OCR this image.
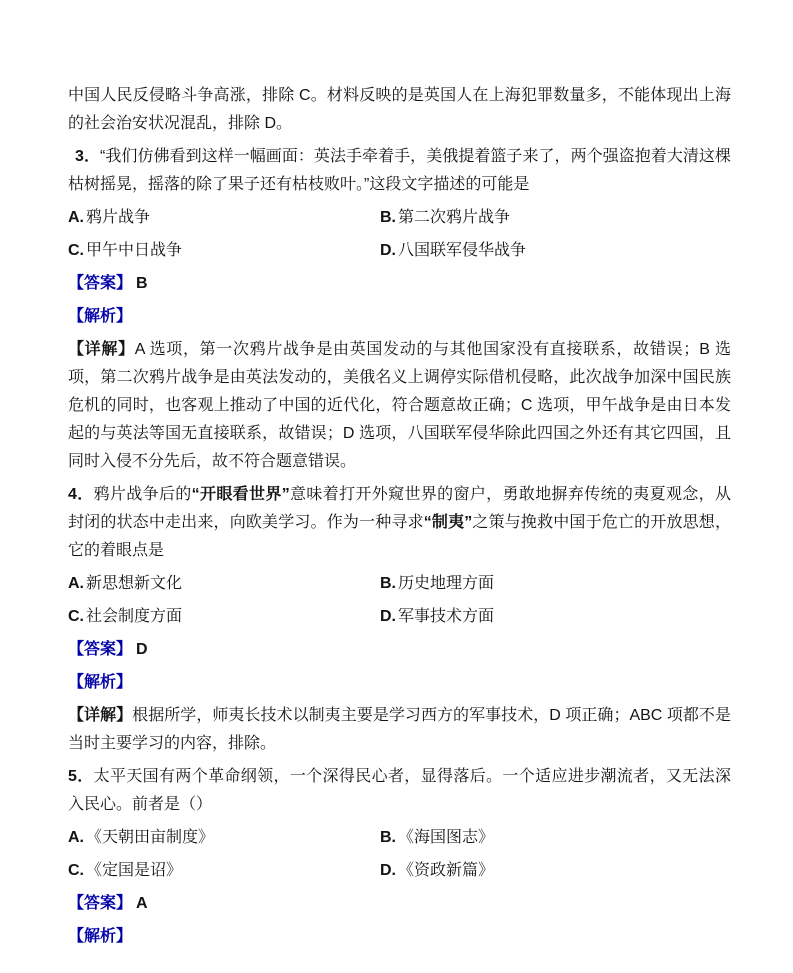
中国人民反侵略斗争高涨，排除 C。材料反映的是英国人在上海犯罪数量多，不能体现出上海的社会治安状况混乱，排除 D。

3．“我们仿佛看到这样一幅画面：英法手牵着手，美俄提着篮子来了，两个强盗抱着大清这棵枯树摇晃，摇落的除了果子还有枯枝败叶。”这段文字描述的可能是

A. 鸦片战争	B. 第二次鸦片战争

C. 甲午中日战争	D. 八国联军侵华战争

【答案】 B

【解析】

【详解】A 选项，第一次鸦片战争是由英国发动的与其他国家没有直接联系，故错误；B 选项，第二次鸦片战争是由英法发动的，美俄名义上调停实际借机侵略，此次战争加深中国民族危机的同时，也客观上推动了中国的近代化，符合题意故正确；C 选项，甲午战争是由日本发起的与英法等国无直接联系，故错误；D 选项，八国联军侵华除此四国之外还有其它四国，且同时入侵不分先后，故不符合题意错误。

4．鸦片战争后的“开眼看世界”意味着打开外窥世界的窗户，勇敢地摒弃传统的夷夏观念，从封闭的状态中走出来，向欧美学习。作为一种寻求“制夷”之策与挽救中国于危亡的开放思想，它的着眼点是

A. 新思想新文化	B. 历史地理方面

C. 社会制度方面	D. 军事技术方面

【答案】 D

【解析】

【详解】根据所学，师夷长技术以制夷主要是学习西方的军事技术，D 项正确；ABC 项都不是当时主要学习的内容，排除。

5．太平天国有两个革命纲领，一个深得民心者，显得落后。一个适应进步潮流者，又无法深入民心。前者是（）

A. 《天朝田亩制度》	B. 《海国图志》

C. 《定国是诏》	D. 《资政新篇》

【答案】 A

【解析】
